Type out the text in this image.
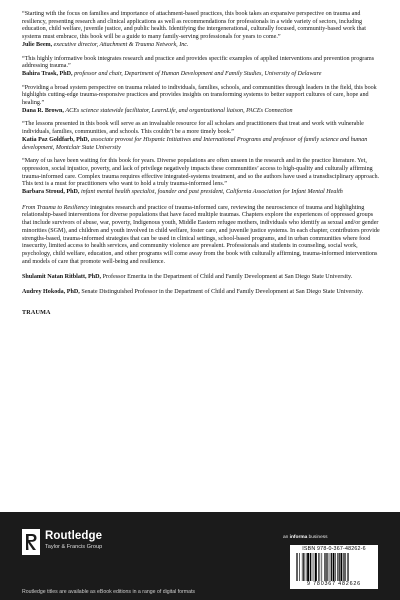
“Starting with the focus on families and importance of attachment-based practices, this book takes an expansive perspective on trauma and resiliency, presenting research and clinical applications as well as recommendations for professionals in a wide variety of sectors, including education, child welfare, juvenile justice, and public health. Identifying the intergenerational, culturally focused, community-based work that systems must embrace, this book will be a guide to many family-serving professionals for years to come.”

Julie Beem, executive director, Attachment & Trauma Network, Inc.

“This highly informative book integrates research and practice and provides specific examples of applied interventions and prevention programs addressing trauma.”

Bahira Trask, PhD, professor and chair, Department of Human Development and Family Studies, University of Delaware

“Providing a broad system perspective on trauma related to individuals, families, schools, and communities through leaders in the field, this book highlights cutting-edge trauma-responsive practices and provides insights on transforming systems to better support cultures of care, hope and healing.”

Dana R. Brown, ACEs science statewide facilitator, LearnLife, and organizational liaison, PACEs Connection

“The lessons presented in this book will serve as an invaluable resource for all scholars and practitioners that treat and work with vulnerable individuals, families, communities, and schools. This couldn’t be a more timely book.”

Katia Paz Goldfarb, PhD, associate provost for Hispanic Initiatives and International Programs and professor of family science and human development, Montclair State University

“Many of us have been waiting for this book for years. Diverse populations are often unseen in the research and in the practice literature. Yet, oppression, social injustice, poverty, and lack of privilege negatively impacts these communities’ access to high-quality and culturally affirming trauma-informed care. Complex trauma requires effective integrated-systems treatment, and so the authors have used a transdisciplinary approach. This text is a must for practitioners who want to hold a truly trauma-informed lens.”

Barbara Stroud, PhD, infant mental health specialist, founder and past president, California Association for Infant Mental Health

From Trauma to Resiliency integrates research and practice of trauma-informed care, reviewing the neuroscience of trauma and highlighting relationship-based interventions for diverse populations that have faced multiple traumas. Chapters explore the experiences of oppressed groups that include survivors of abuse, war, poverty, Indigenous youth, Middle Eastern refugee mothers, individuals who identify as sexual and/or gender minorities (SGM), and children and youth involved in child welfare, foster care, and juvenile justice systems. In each chapter, contributors provide strengths-based, trauma-informed strategies that can be used in clinical settings, school-based programs, and in urban communities where food insecurity, limited access to health services, and community violence are prevalent. Professionals and students in counseling, social work, psychology, child welfare, education, and other programs will come away from the book with culturally affirming, trauma-informed interventions and models of care that promote well-being and resilience.

Shulamit Natan Ritblatt, PhD, Professor Emerita in the Department of Child and Family Development at San Diego State University.

Audrey Hokoda, PhD, Senate Distinguished Professor in the Department of Child and Family Development at San Diego State University.

TRAUMA

Routledge
Taylor & Francis Group
an informa business
ISBN 978-0-367-48262-6
9 780367 482626
Routledge titles are available as eBook editions in a range of digital formats
